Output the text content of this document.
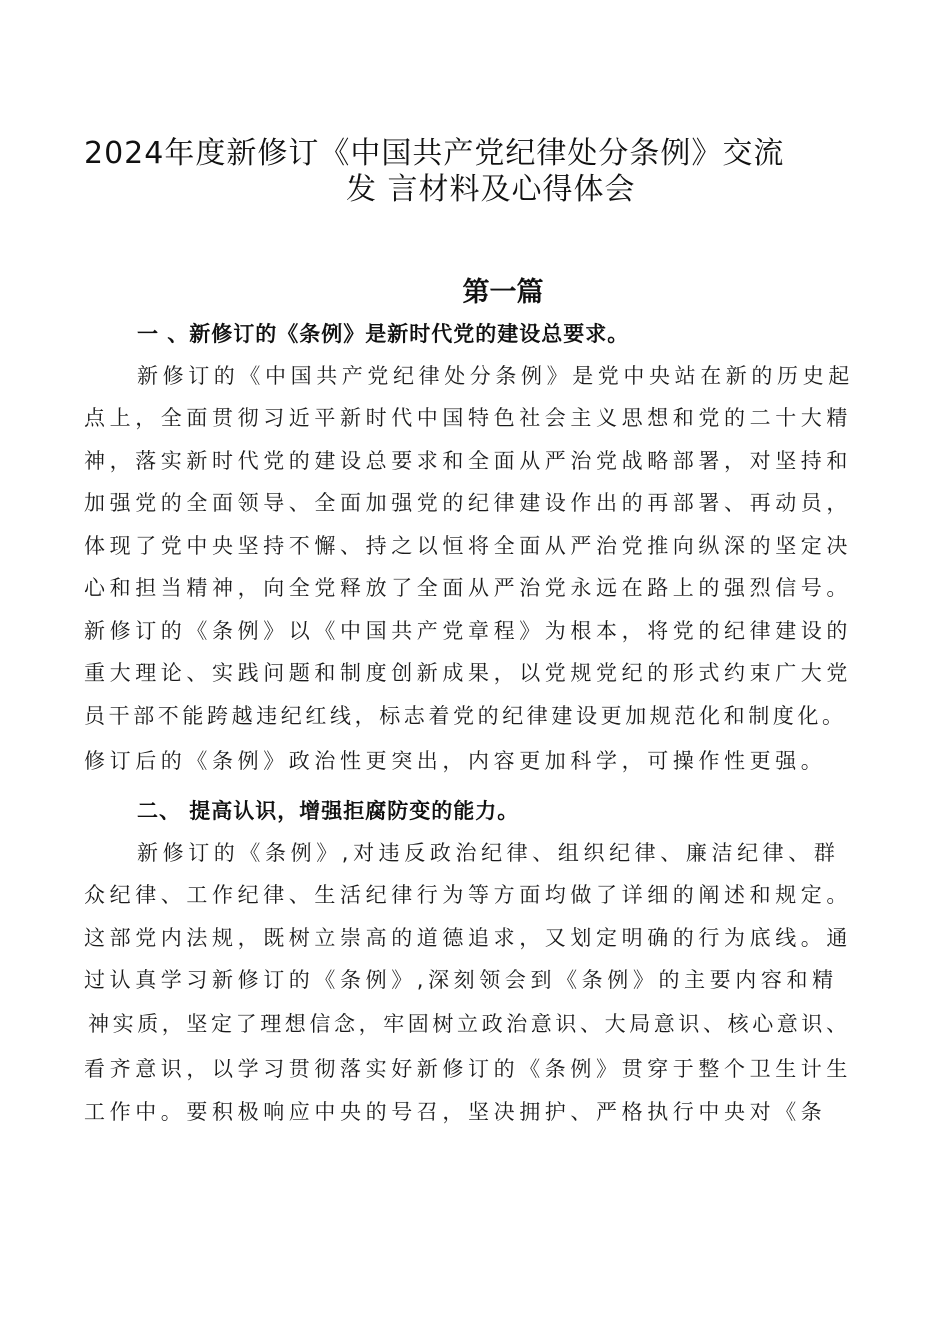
2024年度新修订《中国共产党纪律处分条例》交流
发 言材料及心得体会
第一篇
一 、新修订的《条例》是新时代党的建设总要求。
新修订的《中国共产党纪律处分条例》是党中央站在新的历史起
点上，全面贯彻习近平新时代中国特色社会主义思想和党的二十大精
神，落实新时代党的建设总要求和全面从严治党战略部署，对坚持和
加强党的全面领导、全面加强党的纪律建设作出的再部署、再动员，
体现了党中央坚持不懈、持之以恒将全面从严治党推向纵深的坚定决
心和担当精神，向全党释放了全面从严治党永远在路上的强烈信号。
新修订的《条例》以《中国共产党章程》为根本，将党的纪律建设的
重大理论、实践问题和制度创新成果，以党规党纪的形式约束广大党
员干部不能跨越违纪红线，标志着党的纪律建设更加规范化和制度化。
修订后的《条例》政治性更突出，内容更加科学，可操作性更强。
二、 提高认识，增强拒腐防变的能力。
新修订的《条例》,对违反政治纪律、组织纪律、廉洁纪律、群
众纪律、工作纪律、生活纪律行为等方面均做了详细的阐述和规定。
这部党内法规，既树立崇高的道德追求，又划定明确的行为底线。通
过认真学习新修订的《条例》,深刻领会到《条例》的主要内容和精
神实质，坚定了理想信念，牢固树立政治意识、大局意识、核心意识、
看齐意识，以学习贯彻落实好新修订的《条例》贯穿于整个卫生计生
工作中。要积极响应中央的号召，坚决拥护、严格执行中央对《条
